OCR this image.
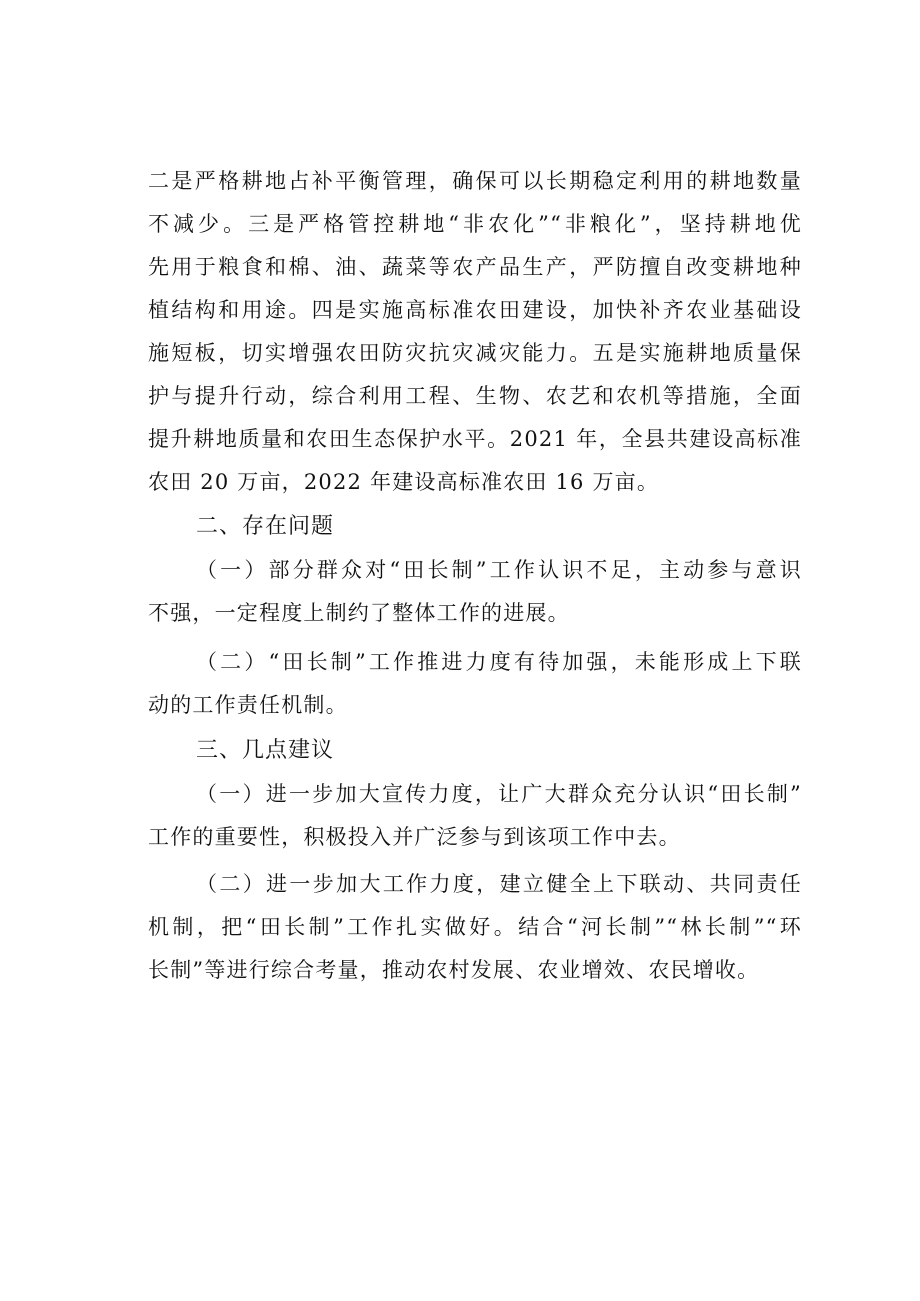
二是严格耕地占补平衡管理，确保可以长期稳定利用的耕地数量
不减少。三是严格管控耕地“非农化”“非粮化”，坚持耕地优
先用于粮食和棉、油、蔬菜等农产品生产，严防擅自改变耕地种
植结构和用途。四是实施高标准农田建设，加快补齐农业基础设
施短板，切实增强农田防灾抗灾减灾能力。五是实施耕地质量保
护与提升行动，综合利用工程、生物、农艺和农机等措施，全面
提升耕地质量和农田生态保护水平。2021 年，全县共建设高标准
农田 20 万亩，2022 年建设高标准农田 16 万亩。
二、存在问题
（一）部分群众对“田长制”工作认识不足，主动参与意识
不强，一定程度上制约了整体工作的进展。
（二）“田长制”工作推进力度有待加强，未能形成上下联
动的工作责任机制。
三、几点建议
（一）进一步加大宣传力度，让广大群众充分认识“田长制”
工作的重要性，积极投入并广泛参与到该项工作中去。
（二）进一步加大工作力度，建立健全上下联动、共同责任
机制，把“田长制”工作扎实做好。结合“河长制”“林长制”“环
长制”等进行综合考量，推动农村发展、农业增效、农民增收。
